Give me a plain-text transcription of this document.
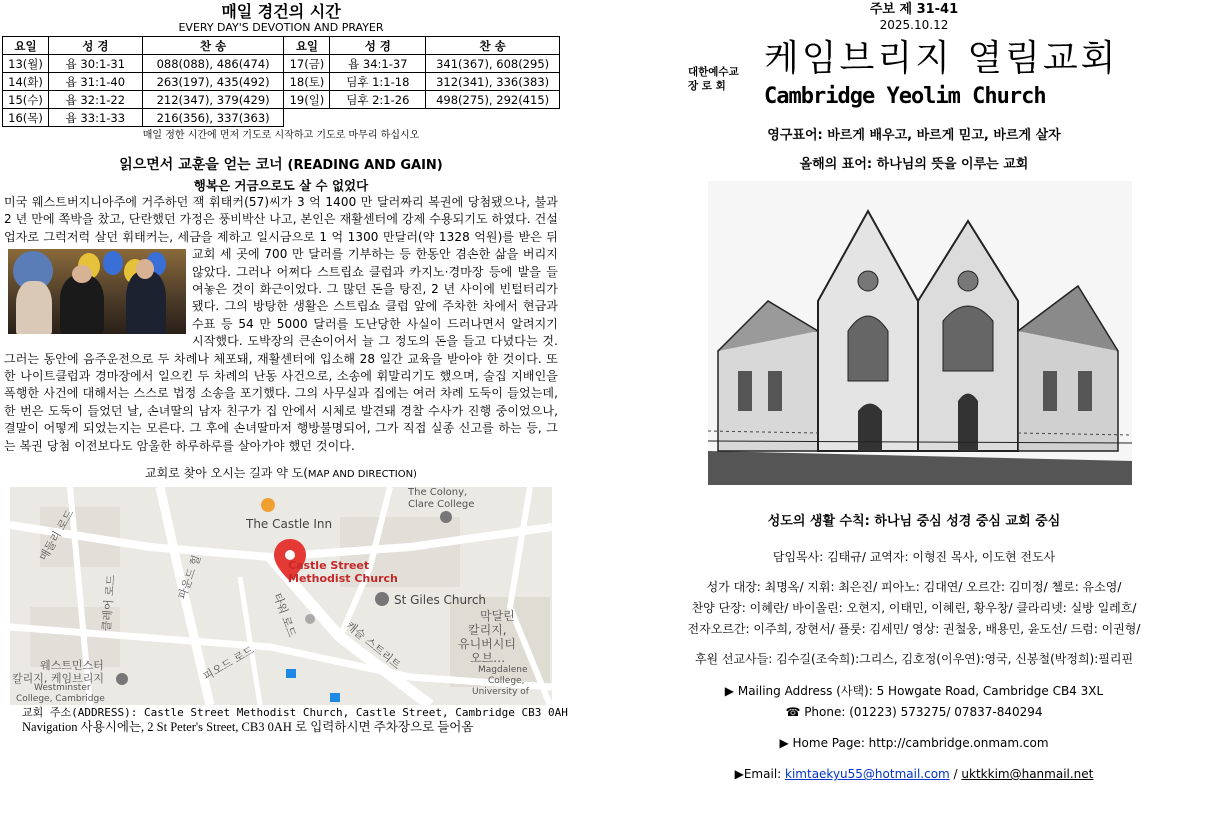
매일 경건의 시간
EVERY DAY'S DEVOTION AND PRAYER
요일	성 경	찬 송	요일	성 경	찬 송
13(월)	욥 30:1-31	088(088), 486(474)	17(금)	욥 34:1-37	341(367), 608(295)
14(화)	욥 31:1-40	263(197), 435(492)	18(토)	딤후 1:1-18	312(341), 336(383)
15(수)	욥 32:1-22	212(347), 379(429)	19(일)	딤후 2:1-26	498(275), 292(415)
16(목)	욥 33:1-33	216(356), 337(363)			
매일 정한 시간에 먼저 기도로 시작하고 기도로 마무리 하십시오
읽으면서 교훈을 얻는 코너 (READING AND GAIN)
행복은 거금으로도 살 수 없었다
미국 웨스트버지니아주에 거주하던 잭 휘태커(57)씨가 3 억 1400 만 달러짜리 복권에 당첨됐으나, 불과 2 년 만에 쪽박을 찼고, 단란했던 가정은 풍비박산 나고, 본인은 재활센터에 강제 수용되기도 하였다. 건설업자로 그럭저럭 살던 휘태커는, 세금을 제하고 일시금으로 1 억 1300 만달러(약 1328 억원)를 받은 뒤 교회 세 곳에 700 만 달러를 기부하는 등 한동안 겸손한 삶을 버리지 않았다. 그러나 어쩌다 스트립쇼 클럽과 카지노·경마장 등에 발을 들여놓은 것이 화근이었다. 그 많던 돈을 탕진, 2 년 사이에 빈털터리가 됐다. 그의 방탕한 생활은 스트립쇼 클럽 앞에 주차한 차에서 현금과 수표 등 54 만 5000 달러를 도난당한 사실이 드러나면서 알려지기 시작했다. 도박장의 큰손이어서 늘 그 정도의 돈을 들고 다녔다는 것. 그러는 동안에 음주운전으로 두 차례나 체포돼, 재활센터에 입소해 28 일간 교육을 받아야 한 것이다. 또한 나이트클럽과 경마장에서 일으킨 두 차례의 난동 사건으로, 소송에 휘말리기도 했으며, 술집 지배인을 폭행한 사건에 대해서는 스스로 법정 소송을 포기했다. 그의 사무실과 집에는 여러 차례 도둑이 들었는데, 한 번은 도둑이 들었던 날, 손녀딸의 남자 친구가 집 안에서 시체로 발견돼 경찰 수사가 진행 중이었으나, 결말이 어떻게 되었는지는 모른다. 그 후에 손녀딸마저 행방불명되어, 그가 직접 실종 신고를 하는 등, 그는 복권 당첨 이전보다도 암울한 하루하루를 살아가야 했던 것이다.
교회로 찾아 오시는 길과 약 도(MAP AND DIRECTION)
The Colony,
Clare College
The Castle Inn
Castle Street
Methodist Church
St Giles Church
막달린
칼리지,
유니버시티
오브…
Magdalene
College,
University of
웨스트민스터
칼리지, 케임브리지
Westminster
College, Cambridge
캐슬 스트리트
매들리 로드
파운드 힐
피오드 로드
타워 로드
클레어 로드
교회 주소(ADDRESS): Castle Street Methodist Church, Castle Street, Cambridge CB3 0AH
Navigation 사용시에는, 2 St Peter's Street, CB3 0AH 로 입력하시면 주차장으로 들어옴
주보 제 31-41
2025.10.12
대한예수교
장 로 회
케임브리지 열림교회
Cambridge Yeolim Church
영구표어: 바르게 배우고, 바르게 믿고, 바르게 살자
올해의 표어: 하나님의 뜻을 이루는 교회
성도의 생활 수칙: 하나님 중심 성경 중심 교회 중심
담임목사: 김태규/ 교역자: 이형진 목사, 이도현 전도사
성가 대장: 최명옥/ 지휘: 최은진/ 피아노: 김대연/ 오르간: 김미정/ 첼로: 유소영/
찬양 단장: 이혜란/ 바이올린: 오현지, 이태민, 이혜린, 황우창/ 클라리넷: 실방 일레흐/
전자오르간: 이주희, 장현서/ 플룻: 김세민/ 영상: 권철웅, 배용민, 윤도선/ 드럼: 이권형/
후원 선교사들: 김수길(조숙희):그리스, 김호정(이우연):영국, 신봉철(박정희):필리핀
▶ Mailing Address (사택): 5 Howgate Road, Cambridge CB4 3XL
☎ Phone: (01223) 573275/ 07837-840294
▶ Home Page: http://cambridge.onmam.com
▶Email: kimtaekyu55@hotmail.com / uktkkim@hanmail.net
